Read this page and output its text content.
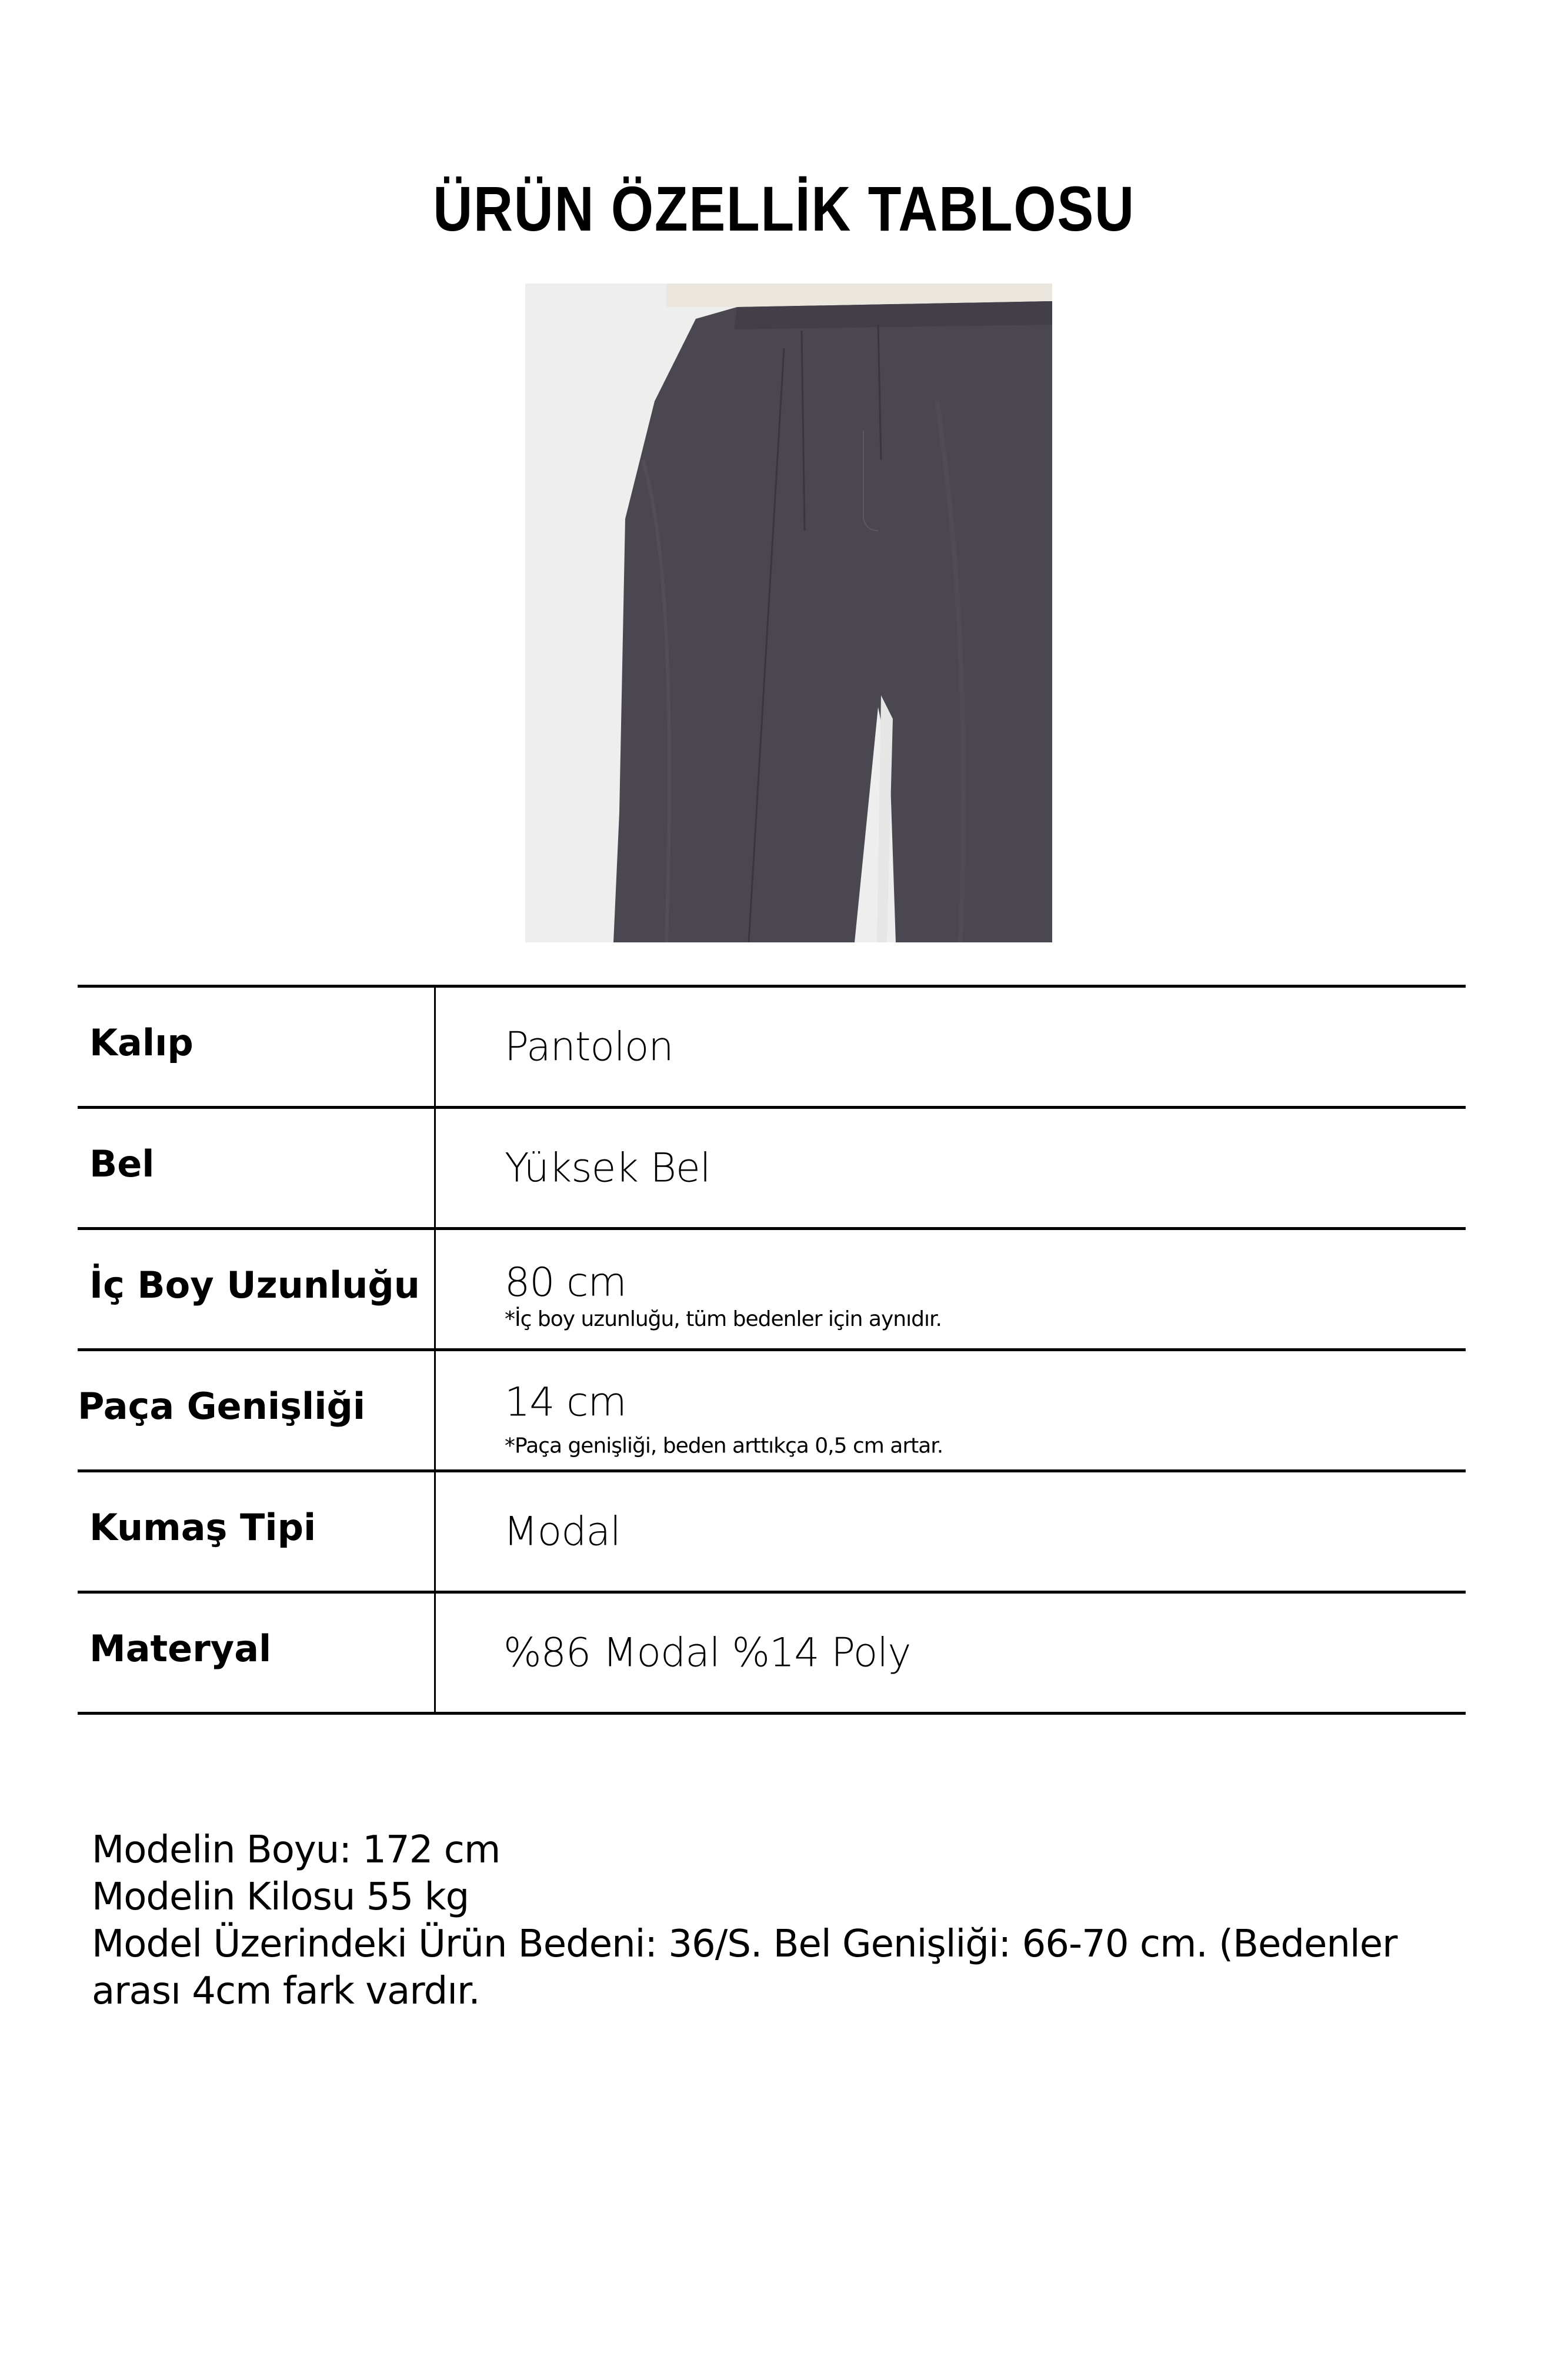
ÜRÜN ÖZELLİK TABLOSU
Kalıp	Pantolon
Bel	Yüksek Bel
İç Boy Uzunluğu 80 cm
*İç boy uzunluğu, tüm bedenler için aynıdır.
Paça Genişliği	14 cm
*Paça genişliği, beden arttıkça 0,5 cm artar.
Kumaş Tipi	Modal
Materyal	%86 Modal %14 Poly
Modelin Boyu: 172 cm
Modelin Kilosu 55 kg
Model Üzerindeki Ürün Bedeni: 36/S. Bel Genişliği: 66-70 cm. (Bedenler
arası 4cm fark vardır.
